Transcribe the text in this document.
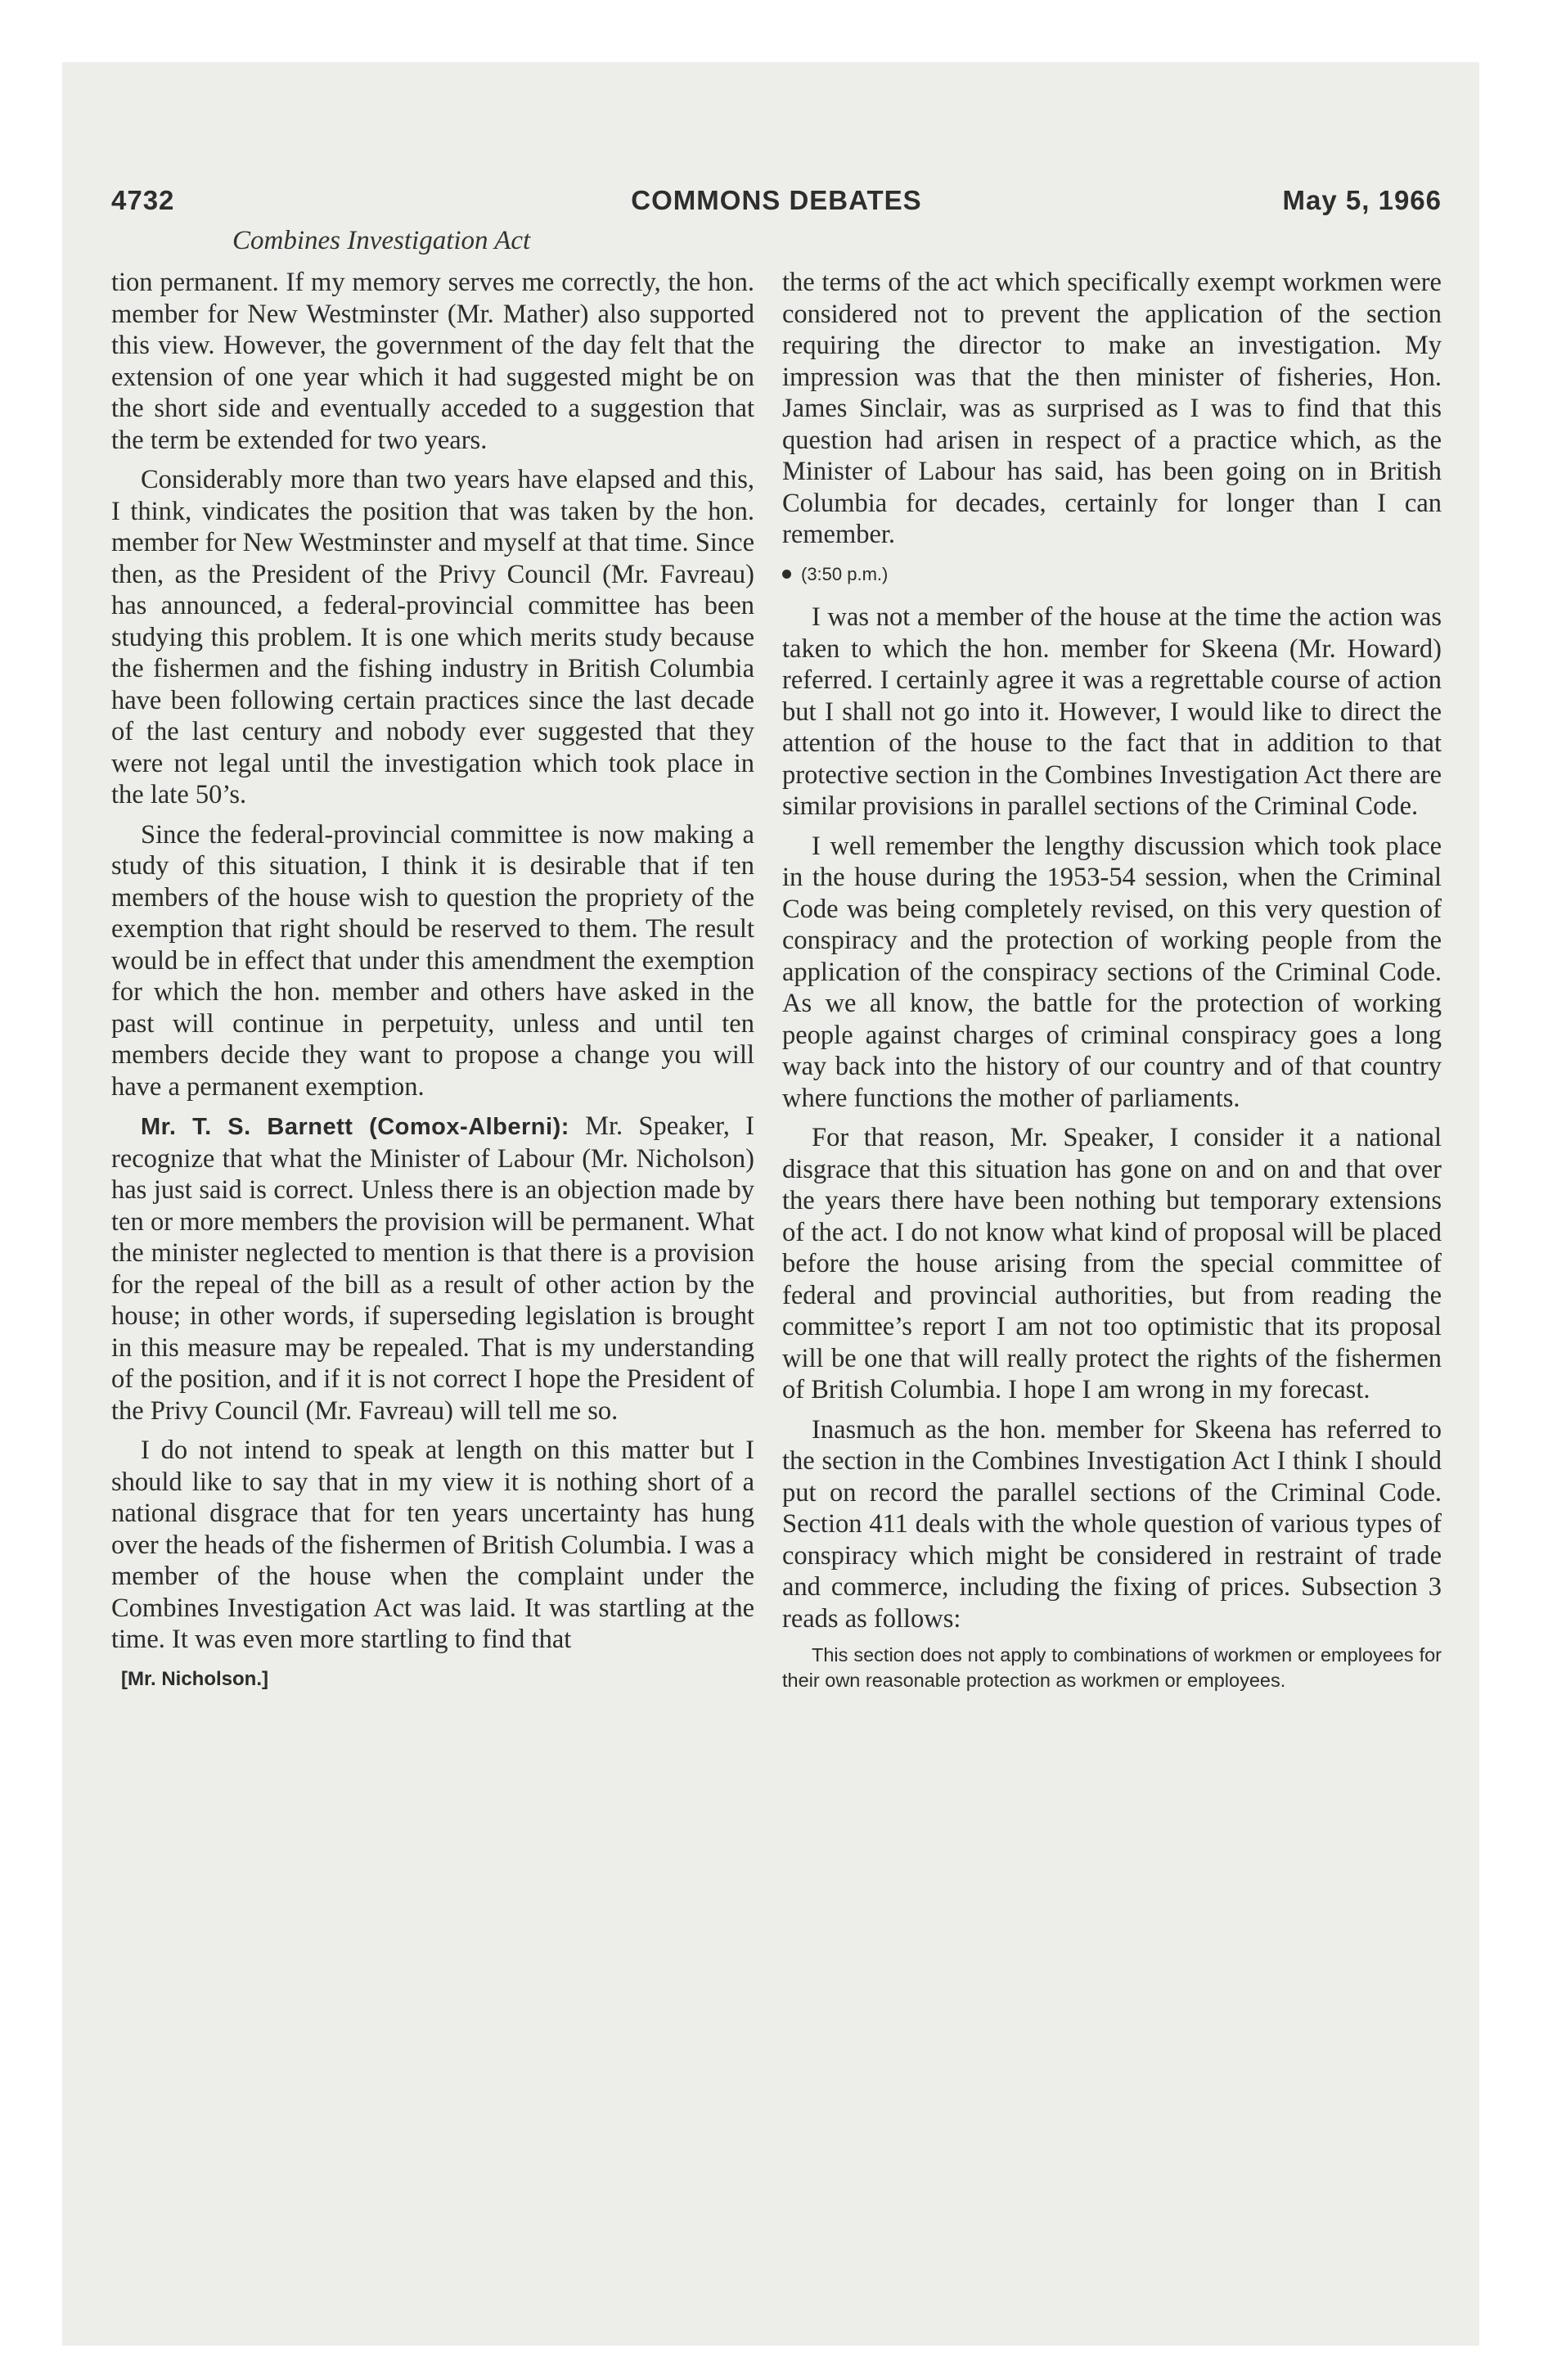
4732	COMMONS DEBATES	May 5, 1966
Combines Investigation Act

tion permanent. If my memory serves me correctly, the hon. member for New Westminster (Mr. Mather) also supported this view. However, the government of the day felt that the extension of one year which it had suggested might be on the short side and eventually acceded to a suggestion that the term be extended for two years.

Considerably more than two years have elapsed and this, I think, vindicates the position that was taken by the hon. member for New Westminster and myself at that time. Since then, as the President of the Privy Council (Mr. Favreau) has announced, a federal-provincial committee has been studying this problem. It is one which merits study because the fishermen and the fishing industry in British Columbia have been following certain practices since the last decade of the last century and nobody ever suggested that they were not legal until the investigation which took place in the late 50’s.

Since the federal-provincial committee is now making a study of this situation, I think it is desirable that if ten members of the house wish to question the propriety of the exemption that right should be reserved to them. The result would be in effect that under this amendment the exemption for which the hon. member and others have asked in the past will continue in perpetuity, unless and until ten members decide they want to propose a change you will have a permanent exemption.

Mr. T. S. Barnett (Comox-Alberni): Mr. Speaker, I recognize that what the Minister of Labour (Mr. Nicholson) has just said is correct. Unless there is an objection made by ten or more members the provision will be permanent. What the minister neglected to mention is that there is a provision for the repeal of the bill as a result of other action by the house; in other words, if superseding legislation is brought in this measure may be repealed. That is my understanding of the position, and if it is not correct I hope the President of the Privy Council (Mr. Favreau) will tell me so.

I do not intend to speak at length on this matter but I should like to say that in my view it is nothing short of a national disgrace that for ten years uncertainty has hung over the heads of the fishermen of British Columbia. I was a member of the house when the complaint under the Combines Investigation Act was laid. It was startling at the time. It was even more startling to find that

[Mr. Nicholson.]

the terms of the act which specifically exempt workmen were considered not to prevent the application of the section requiring the director to make an investigation. My impression was that the then minister of fisheries, Hon. James Sinclair, was as surprised as I was to find that this question had arisen in respect of a practice which, as the Minister of Labour has said, has been going on in British Columbia for decades, certainly for longer than I can remember.

(3:50 p.m.)

I was not a member of the house at the time the action was taken to which the hon. member for Skeena (Mr. Howard) referred. I certainly agree it was a regrettable course of action but I shall not go into it. However, I would like to direct the attention of the house to the fact that in addition to that protective section in the Combines Investigation Act there are similar provisions in parallel sections of the Criminal Code.

I well remember the lengthy discussion which took place in the house during the 1953-54 session, when the Criminal Code was being completely revised, on this very question of conspiracy and the protection of working people from the application of the conspiracy sections of the Criminal Code. As we all know, the battle for the protection of working people against charges of criminal conspiracy goes a long way back into the history of our country and of that country where functions the mother of parliaments.

For that reason, Mr. Speaker, I consider it a national disgrace that this situation has gone on and on and that over the years there have been nothing but temporary extensions of the act. I do not know what kind of proposal will be placed before the house arising from the special committee of federal and provincial authorities, but from reading the committee’s report I am not too optimistic that its proposal will be one that will really protect the rights of the fishermen of British Columbia. I hope I am wrong in my forecast.

Inasmuch as the hon. member for Skeena has referred to the section in the Combines Investigation Act I think I should put on record the parallel sections of the Criminal Code. Section 411 deals with the whole question of various types of conspiracy which might be considered in restraint of trade and commerce, including the fixing of prices. Subsection 3 reads as follows:

This section does not apply to combinations of workmen or employees for their own reasonable protection as workmen or employees.
